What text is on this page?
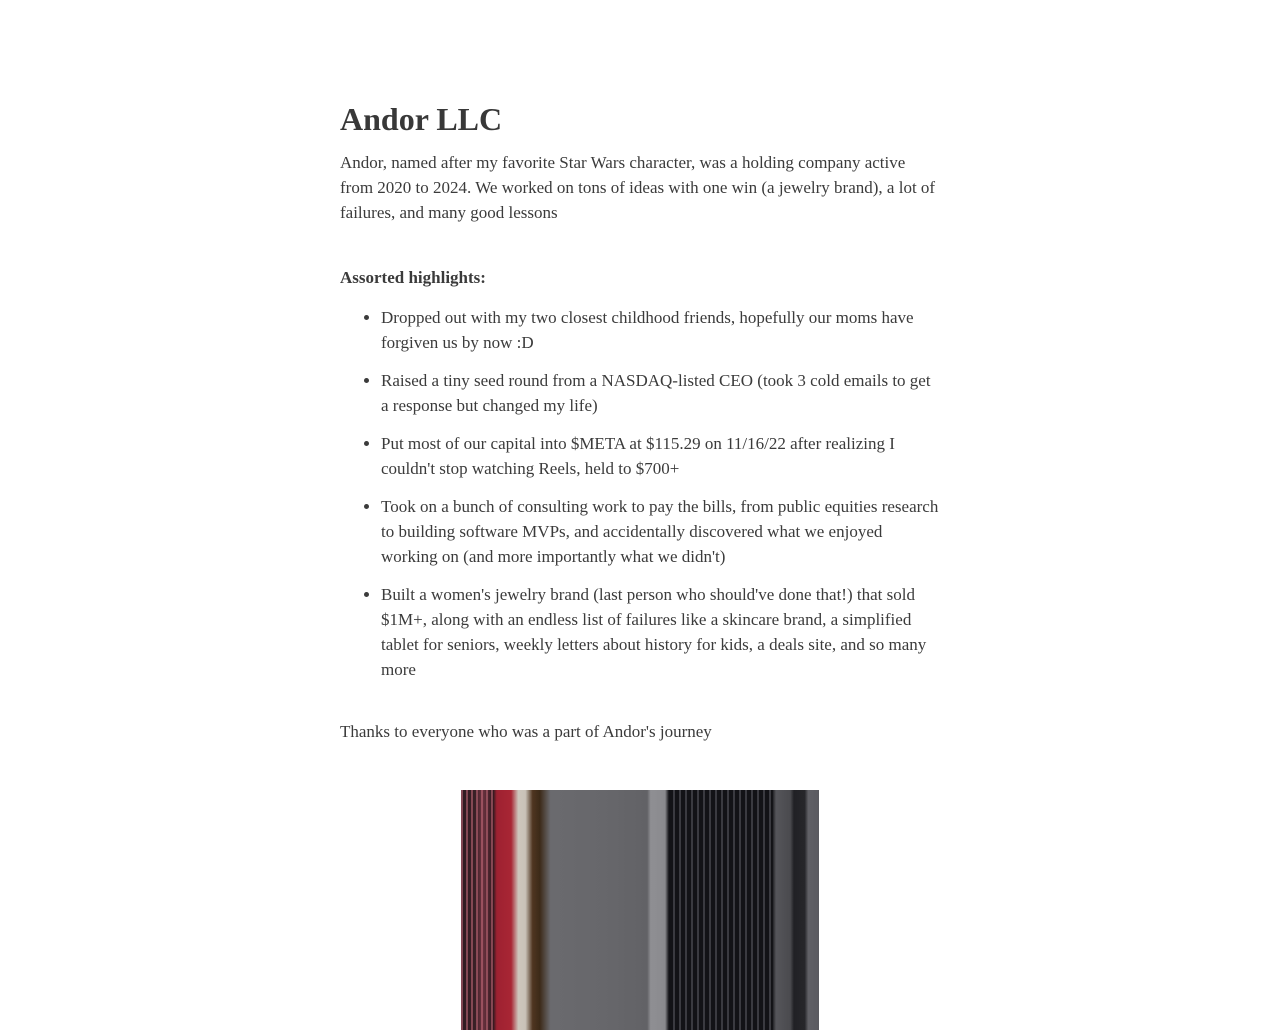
Andor LLC

Andor, named after my favorite Star Wars character, was a holding company active from 2020 to 2024. We worked on tons of ideas with one win (a jewelry brand), a lot of failures, and many good lessons

Assorted highlights:

• Dropped out with my two closest childhood friends, hopefully our moms have forgiven us by now :D
• Raised a tiny seed round from a NASDAQ-listed CEO (took 3 cold emails to get a response but changed my life)
• Put most of our capital into $META at $115.29 on 11/16/22 after realizing I couldn't stop watching Reels, held to $700+
• Took on a bunch of consulting work to pay the bills, from public equities research to building software MVPs, and accidentally discovered what we enjoyed working on (and more importantly what we didn't)
• Built a women's jewelry brand (last person who should've done that!) that sold $1M+, along with an endless list of failures like a skincare brand, a simplified tablet for seniors, weekly letters about history for kids, a deals site, and so many more

Thanks to everyone who was a part of Andor's journey
